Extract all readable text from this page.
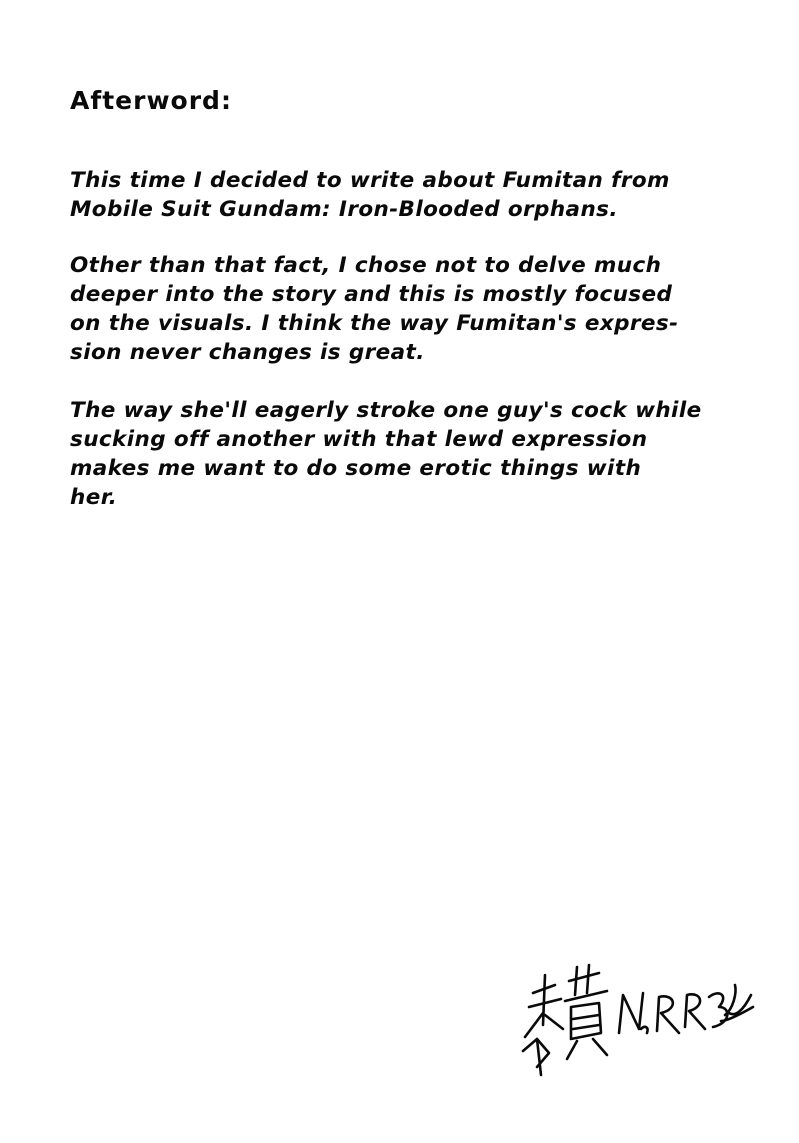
Afterword:
This time I decided to write about Fumitan from
Mobile Suit Gundam: Iron-Blooded orphans.
Other than that fact, I chose not to delve much
deeper into the story and this is mostly focused
on the visuals. I think the way Fumitan's expres-
sion never changes is great.
The way she'll eagerly stroke one guy's cock while
sucking off another with that lewd expression
makes me want to do some erotic things with
her.
